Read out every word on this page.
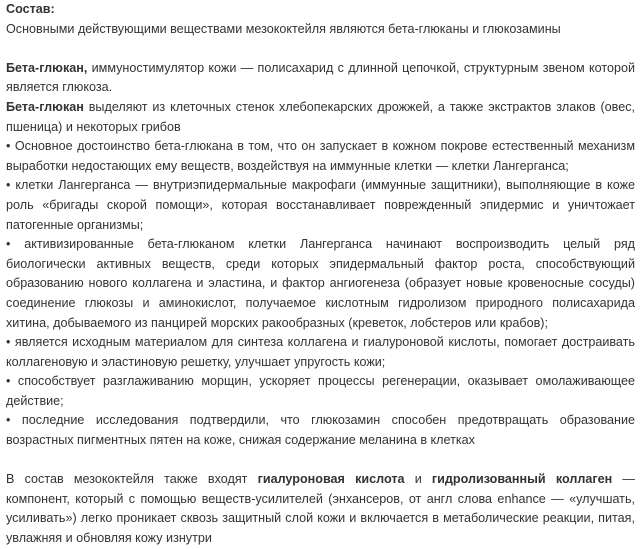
Состав:

Основными действующими веществами мезококтейля являются бета-глюканы и глюкозамины

Бета-глюкан, иммуностимулятор кожи — полисахарид с длинной цепочкой, структурным звеном которой является глюкоза.

Бета-глюкан выделяют из клеточных стенок хлебопекарских дрожжей, а также экстрактов злаков (овес, пшеница) и некоторых грибов

• Основное достоинство бета-глюкана в том, что он запускает в кожном покрове естественный механизм выработки недостающих ему веществ, воздействуя на иммунные клетки — клетки Лангерганса;

• клетки Лангерганса — внутриэпидермальные макрофаги (иммунные защитники), выполняющие в коже роль «бригады скорой помощи», которая восстанавливает поврежденный эпидермис и уничтожает патогенные организмы;

• активизированные бета-глюканом клетки Лангерганса начинают воспроизводить целый ряд биологически активных веществ, среди которых эпидермальный фактор роста, способствующий образованию нового коллагена и эластина, и фактор ангиогенеза (образует новые кровеносные сосуды) соединение глюкозы и аминокислот, получаемое кислотным гидролизом природного полисахарида хитина, добываемого из панцирей морских ракообразных (креветок, лобстеров или крабов);

• является исходным материалом для синтеза коллагена и гиалуроновой кислоты, помогает достраивать коллагеновую и эластиновую решетку, улучшает упругость кожи;

• способствует разглаживанию морщин, ускоряет процессы регенерации, оказывает омолаживающее действие;

• последние исследования подтвердили, что глюкозамин способен предотвращать образование возрастных пигментных пятен на коже, снижая содержание меланина в клетках

В состав мезококтейля также входят гиалуроновая кислота и гидролизованный коллаген — компонент, который с помощью веществ-усилителей (энхансеров, от англ слова enhance — «улучшать, усиливать») легко проникает сквозь защитный слой кожи и включается в метаболические реакции, питая, увлажняя и обновляя кожу изнутри
